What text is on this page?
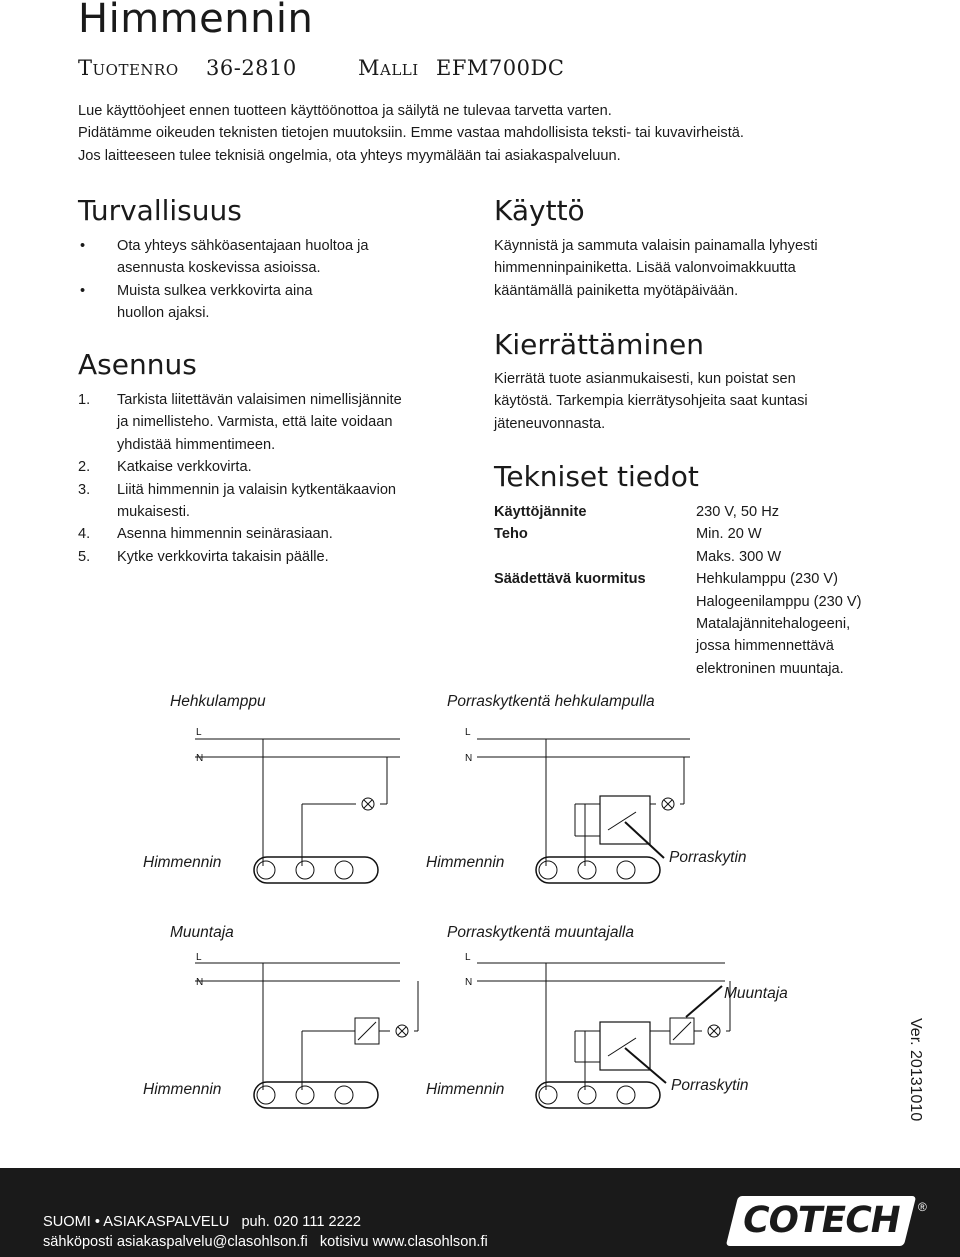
Himmennin
Tuotenro 36-2810	Malli EFM700DC

Lue käyttöohjeet ennen tuotteen käyttöönottoa ja säilytä ne tulevaa tarvetta varten.

Pidätämme oikeuden teknisten tietojen muutoksiin. Emme vastaa mahdollisista teksti- tai kuvavirheistä.

Jos laitteeseen tulee teknisiä ongelmia, ota yhteys myymälään tai asiakaspalveluun.

Turvallisuus
• Ota yhteys sähköasentajaan huoltoa ja
asennusta koskevissa asioissa.
• Muista sulkea verkkovirta aina
huollon ajaksi.
Asennus
1. Tarkista liitettävän valaisimen nimellisjännite
ja nimellisteho. Varmista, että laite voidaan
yhdistää himmentimeen.
2. Katkaise verkkovirta.
3. Liitä himmennin ja valaisin kytkentäkaavion
mukaisesti.
4. Asenna himmennin seinärasiaan.
5. Kytke verkkovirta takaisin päälle.
Käyttö

Käynnistä ja sammuta valaisin painamalla lyhyesti

himmenninpainiketta. Lisää valonvoimakkuutta

kääntämällä painiketta myötäpäivään.

Kierrättäminen

Kierrätä tuote asianmukaisesti, kun poistat sen

käytöstä. Tarkempia kierrätysohjeita saat kuntasi

jäteneuvonnasta.

Tekniset tiedot
Käyttöjännite	230 V, 50 Hz
Teho	Min. 20 W
Maks. 300 W
Säädettävä kuormitus	Hehkulamppu (230 V)
Halogeenilamppu (230 V)
Matalajännitehalogeeni,
jossa himmennettävä
elektroninen muuntaja.
Hehkulamppu	Porraskytkentä hehkulampulla
Muuntaja	Porraskytkentä muuntajalla
Himmennin	Himmennin	Porraskytin
Himmennin	Himmennin	Porraskytin
Muuntaja
L
N
L
N
L
N
L
N
Ver. 20131010
SUOMI • ASIAKASPALVELU puh. 020 111 2222
sähköposti asiakaspalvelu@clasohlson.fi kotisivu www.clasohlson.fi
COTECH	®
